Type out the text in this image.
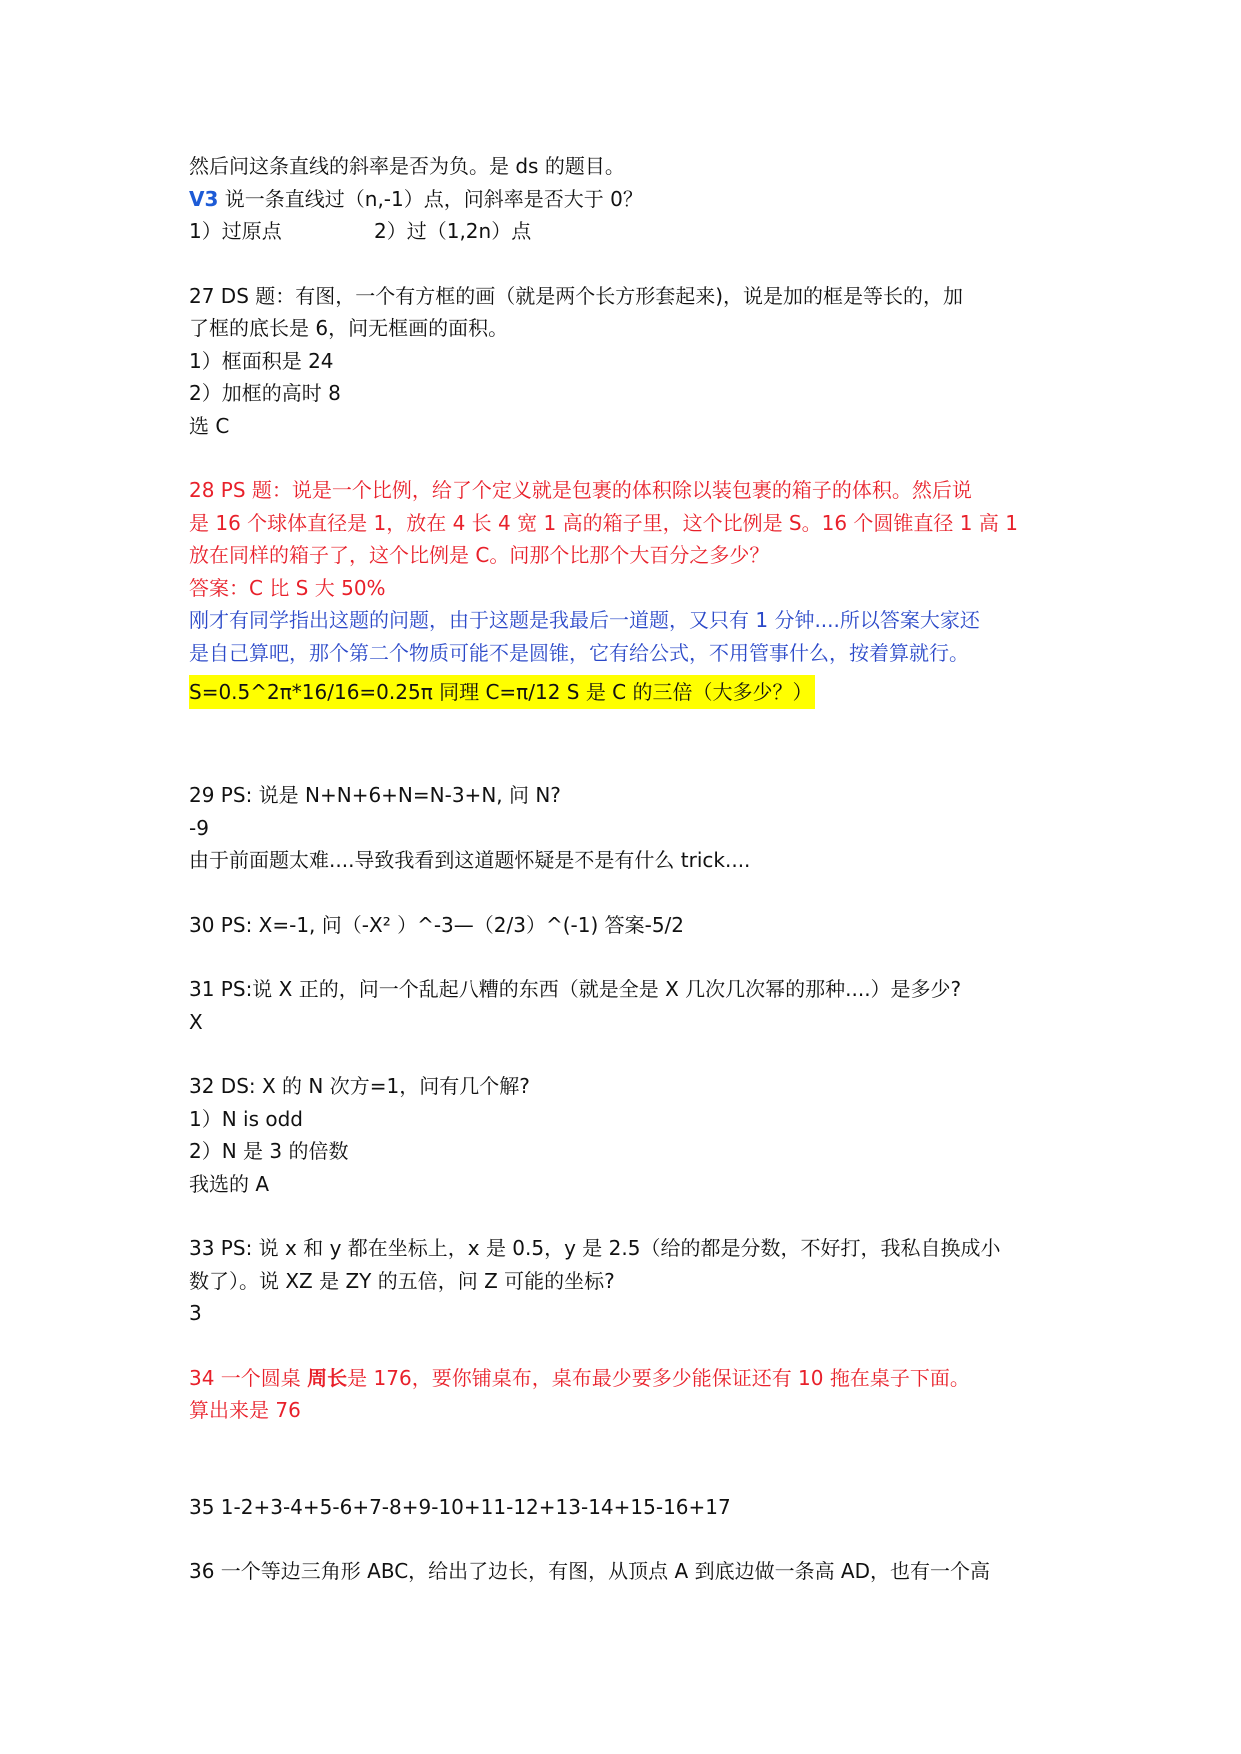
然后问这条直线的斜率是否为负。是 ds 的题目。
V3 说一条直线过（n,-1）点，问斜率是否大于 0？
1）过原点	2）过（1,2n）点
27 DS 题：有图，一个有方框的画（就是两个长方形套起来)，说是加的框是等长的，加
了框的底长是 6，问无框画的面积。
1）框面积是 24
2）加框的高时 8
选 C
28 PS 题：说是一个比例，给了个定义就是包裹的体积除以装包裹的箱子的体积。然后说
是 16 个球体直径是 1，放在 4 长 4 宽 1 高的箱子里，这个比例是 S。16 个圆锥直径 1 高 1
放在同样的箱子了，这个比例是 C。问那个比那个大百分之多少？
答案：C 比 S 大 50%
刚才有同学指出这题的问题，由于这题是我最后一道题，又只有 1 分钟....所以答案大家还
是自己算吧，那个第二个物质可能不是圆锥，它有给公式，不用管事什么，按着算就行。
S=0.5^2π*16/16=0.25π 同理 C=π/12 S 是 C 的三倍（大多少？）
29 PS: 说是 N+N+6+N=N-3+N, 问 N?
-9
由于前面题太难....导致我看到这道题怀疑是不是有什么 trick....
30 PS: X=-1, 问（-X² ）^-3—（2/3）^(-1) 答案-5/2
31 PS:说 X 正的，问一个乱起八糟的东西（就是全是 X 几次几次幂的那种....）是多少?
X
32 DS: X 的 N 次方=1，问有几个解?
1）N is odd
2）N 是 3 的倍数
我选的 A
33 PS: 说 x 和 y 都在坐标上，x 是 0.5，y 是 2.5（给的都是分数，不好打，我私自换成小
数了）。说 XZ 是 ZY 的五倍，问 Z 可能的坐标?
3
34 一个圆桌 周长是 176，要你铺桌布，桌布最少要多少能保证还有 10 拖在桌子下面。
算出来是 76
35 1-2+3-4+5-6+7-8+9-10+11-12+13-14+15-16+17
36 一个等边三角形 ABC，给出了边长，有图，从顶点 A 到底边做一条高 AD，也有一个高
